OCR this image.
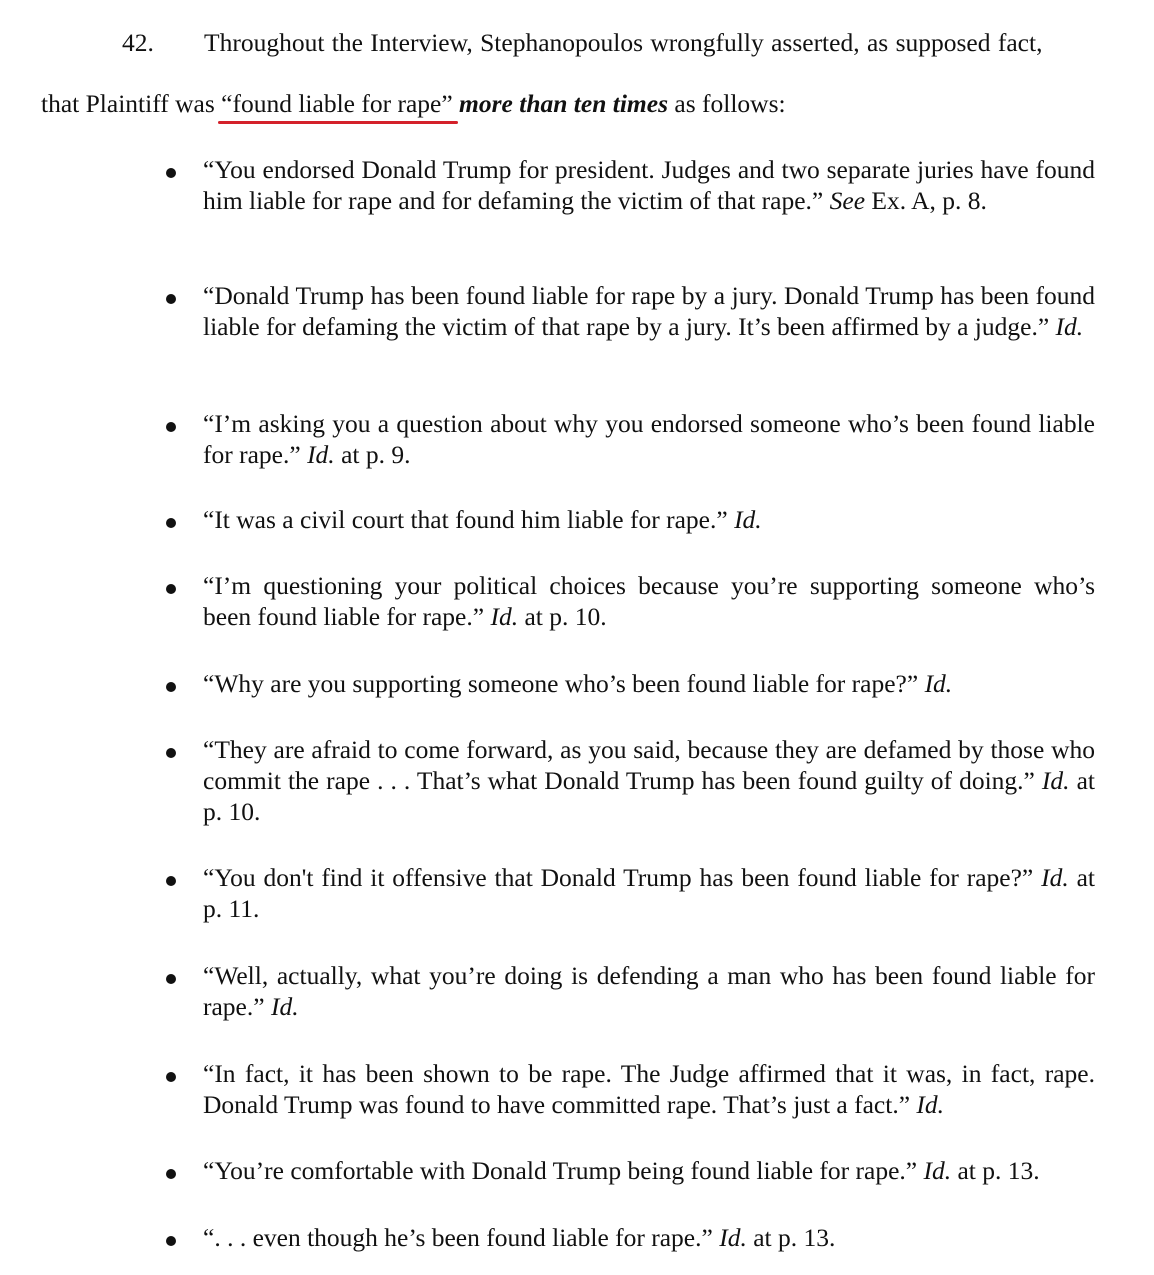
42. Throughout the Interview, Stephanopoulos wrongfully asserted, as supposed fact,
that Plaintiff was “found liable for rape” more than ten times as follows:
“You endorsed Donald Trump for president. Judges and two separate juries have found him liable for rape and for defaming the victim of that rape.” See Ex. A, p. 8.
“Donald Trump has been found liable for rape by a jury. Donald Trump has been found liable for defaming the victim of that rape by a jury. It’s been affirmed by a judge.” Id.
“I’m asking you a question about why you endorsed someone who’s been found liable for rape.” Id. at p. 9.
“It was a civil court that found him liable for rape.” Id.
“I’m questioning your political choices because you’re supporting someone who’s been found liable for rape.” Id. at p. 10.
“Why are you supporting someone who’s been found liable for rape?” Id.
“They are afraid to come forward, as you said, because they are defamed by those who commit the rape . . . That’s what Donald Trump has been found guilty of doing.” Id. at p. 10.
“You don't find it offensive that Donald Trump has been found liable for rape?” Id. at p. 11.
“Well, actually, what you’re doing is defending a man who has been found liable for rape.” Id.
“In fact, it has been shown to be rape. The Judge affirmed that it was, in fact, rape. Donald Trump was found to have committed rape. That’s just a fact.” Id.
“You’re comfortable with Donald Trump being found liable for rape.” Id. at p. 13.
“. . . even though he’s been found liable for rape.” Id. at p. 13.
